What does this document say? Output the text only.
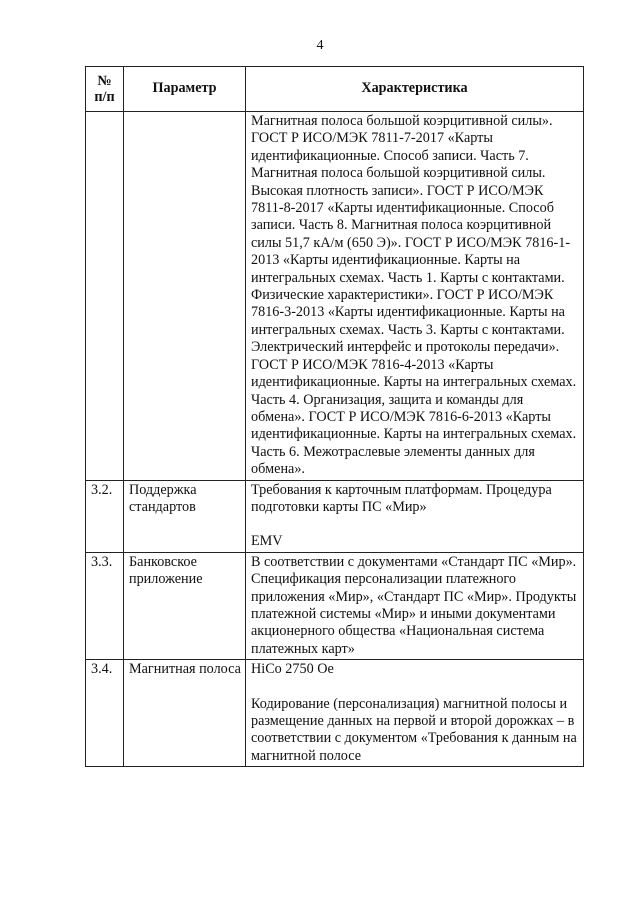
4
№ п/п	Параметр	Характеристика
		Магнитная полоса большой коэрцитивной силы». ГОСТ Р ИСО/МЭК 7811-7-2017 «Карты идентификационные. Способ записи. Часть 7. Магнитная полоса большой коэрцитивной силы. Высокая плотность записи». ГОСТ Р ИСО/МЭК 7811-8-2017 «Карты идентификационные. Способ записи. Часть 8. Магнитная полоса коэрцитивной силы 51,7 кА/м (650 Э)». ГОСТ Р ИСО/МЭК 7816-1-2013 «Карты идентификационные. Карты на интегральных схемах. Часть 1. Карты с контактами. Физические характеристики». ГОСТ Р ИСО/МЭК 7816-3-2013 «Карты идентификационные. Карты на интегральных схемах. Часть 3. Карты с контактами. Электрический интерфейс и протоколы передачи». ГОСТ Р ИСО/МЭК 7816-4-2013 «Карты идентификационные. Карты на интегральных схемах. Часть 4. Организация, защита и команды для обмена». ГОСТ Р ИСО/МЭК 7816-6-2013 «Карты идентификационные. Карты на интегральных схемах. Часть 6. Межотраслевые элементы данных для обмена».
3.2.	Поддержка стандартов	Требования к карточным платформам. Процедура подготовки карты ПС «Мир»
EMV

3.3.	Банковское приложение	В соответствии с документами «Стандарт ПС «Мир». Спецификация персонализации платежного приложения «Мир», «Стандарт ПС «Мир». Продукты платежной системы «Мир» и иными документами акционерного общества «Национальная система платежных карт»
3.4.	Магнитная полоса	HiCo 2750 Oe
Кодирование (персонализация) магнитной полосы и размещение данных на первой и второй дорожках – в соответствии с документом «Требования к данным на магнитной полосе
